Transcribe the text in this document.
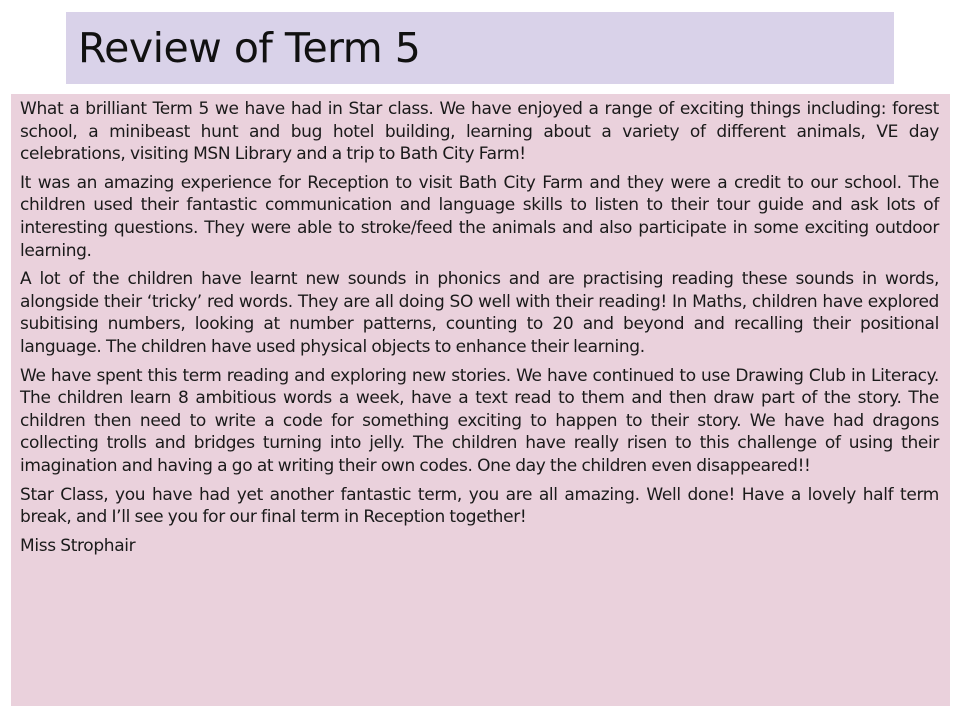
Review of Term 5

What a brilliant Term 5 we have had in Star class. We have enjoyed a range of exciting things including: forest school, a minibeast hunt and bug hotel building, learning about a variety of different animals, VE day celebrations, visiting MSN Library and a trip to Bath City Farm!

It was an amazing experience for Reception to visit Bath City Farm and they were a credit to our school. The children used their fantastic communication and language skills to listen to their tour guide and ask lots of interesting questions. They were able to stroke/feed the animals and also participate in some exciting outdoor learning.

A lot of the children have learnt new sounds in phonics and are practising reading these sounds in words, alongside their ‘tricky’ red words. They are all doing SO well with their reading! In Maths, children have explored subitising numbers, looking at number patterns, counting to 20 and beyond and recalling their positional language. The children have used physical objects to enhance their learning.

We have spent this term reading and exploring new stories. We have continued to use Drawing Club in Literacy. The children learn 8 ambitious words a week, have a text read to them and then draw part of the story. The children then need to write a code for something exciting to happen to their story. We have had dragons collecting trolls and bridges turning into jelly. The children have really risen to this challenge of using their imagination and having a go at writing their own codes. One day the children even disappeared!!

Star Class, you have had yet another fantastic term, you are all amazing. Well done! Have a lovely half term break, and I’ll see you for our final term in Reception together!

Miss Strophair
